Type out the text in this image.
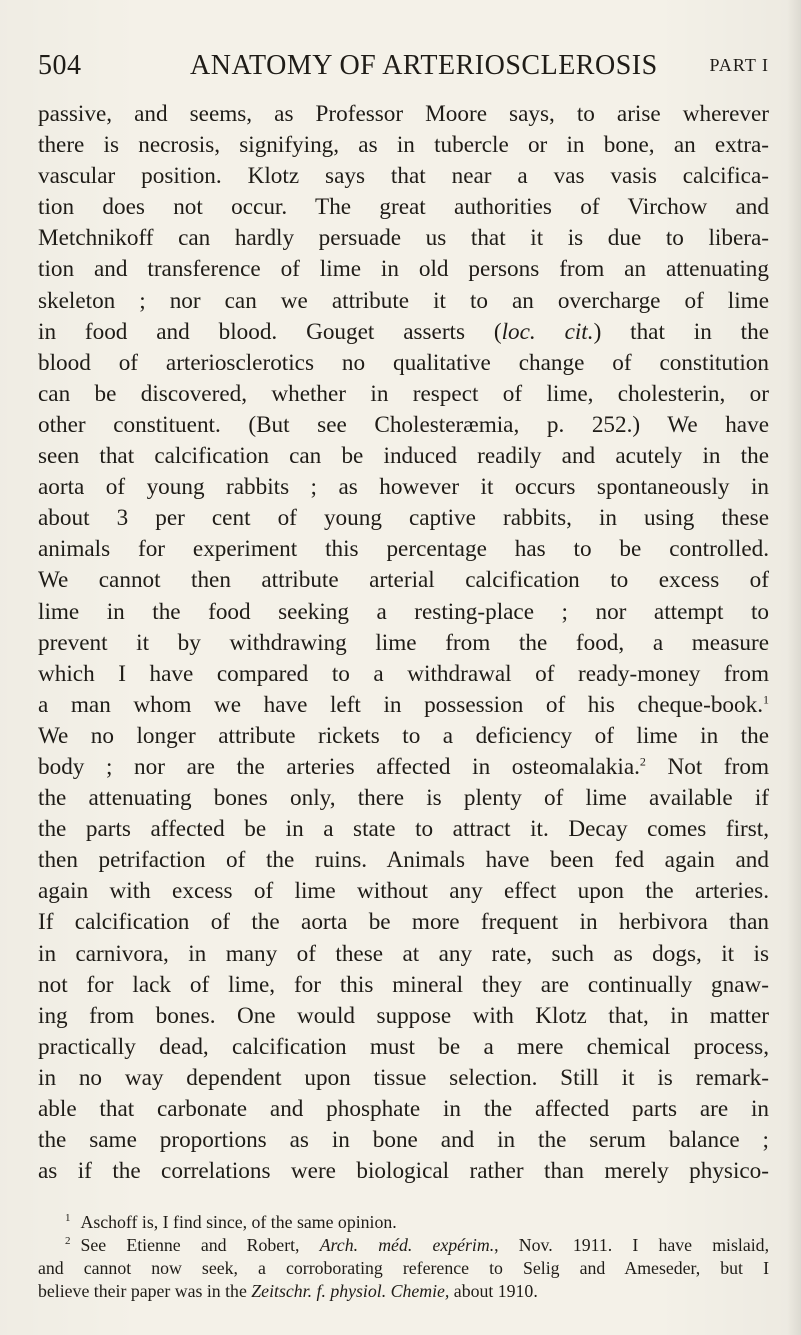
504	ANATOMY OF ARTERIOSCLEROSIS	PART I
passive, and seems, as Professor Moore says, to arise wherever
there is necrosis, signifying, as in tubercle or in bone, an extra-
vascular position. Klotz says that near a vas vasis calcifica-
tion does not occur. The great authorities of Virchow and
Metchnikoff can hardly persuade us that it is due to libera-
tion and transference of lime in old persons from an attenuating
skeleton ; nor can we attribute it to an overcharge of lime
in food and blood. Gouget asserts (loc. cit.) that in the
blood of arteriosclerotics no qualitative change of constitution
can be discovered, whether in respect of lime, cholesterin, or
other constituent. (But see Cholesteræmia, p. 252.) We have
seen that calcification can be induced readily and acutely in the
aorta of young rabbits ; as however it occurs spontaneously in
about 3 per cent of young captive rabbits, in using these
animals for experiment this percentage has to be controlled.
We cannot then attribute arterial calcification to excess of
lime in the food seeking a resting-place ; nor attempt to
prevent it by withdrawing lime from the food, a measure
which I have compared to a withdrawal of ready-money from
a man whom we have left in possession of his cheque-book.$^1$
We no longer attribute rickets to a deficiency of lime in the
body ; nor are the arteries affected in osteomalakia.$^2$ Not from
the attenuating bones only, there is plenty of lime available if
the parts affected be in a state to attract it. Decay comes first,
then petrifaction of the ruins. Animals have been fed again and
again with excess of lime without any effect upon the arteries.
If calcification of the aorta be more frequent in herbivora than
in carnivora, in many of these at any rate, such as dogs, it is
not for lack of lime, for this mineral they are continually gnaw-
ing from bones. One would suppose with Klotz that, in matter
practically dead, calcification must be a mere chemical process,
in no way dependent upon tissue selection. Still it is remark-
able that carbonate and phosphate in the affected parts are in
the same proportions as in bone and in the serum balance ;
as if the correlations were biological rather than merely physico-
$^1$ Aschoff is, I find since, of the same opinion.
$^2$ See Etienne and Robert, Arch. méd. expérim., Nov. 1911. I have mislaid,
and cannot now seek, a corroborating reference to Selig and Ameseder, but I
believe their paper was in the Zeitschr. f. physiol. Chemie, about 1910.
